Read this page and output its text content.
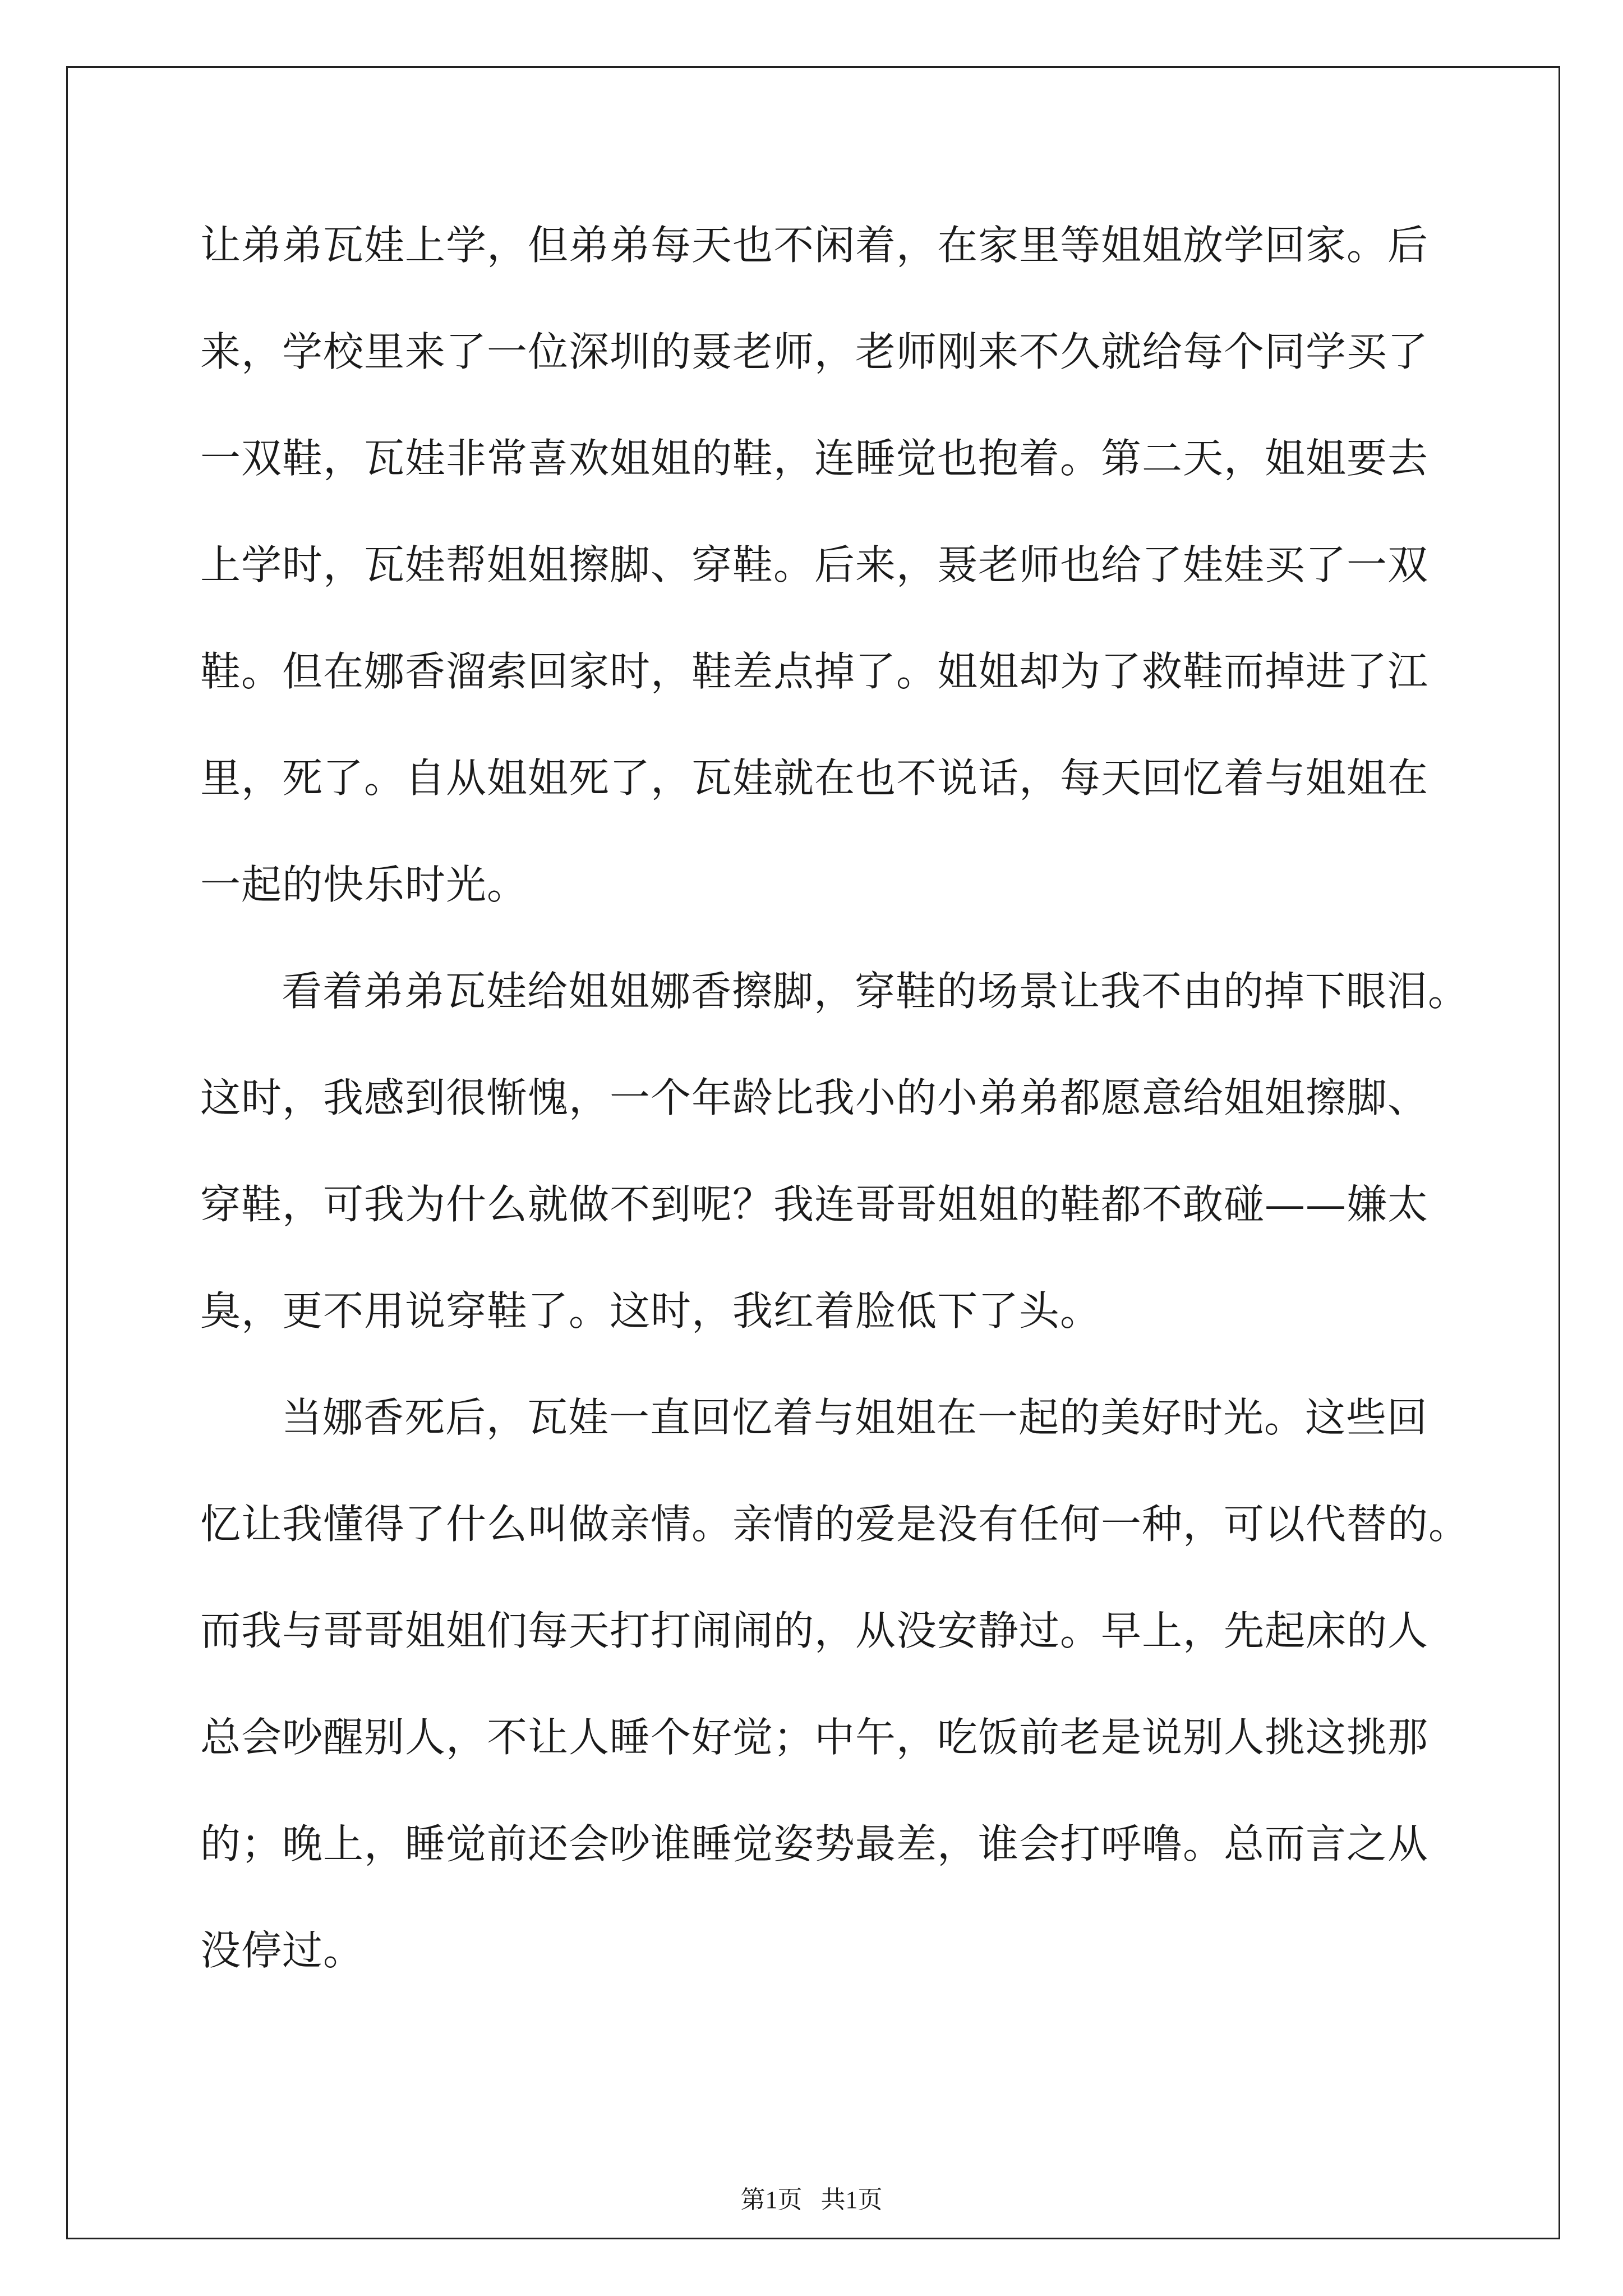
让弟弟瓦娃上学，但弟弟每天也不闲着，在家里等姐姐放学回家。后
来，学校里来了一位深圳的聂老师，老师刚来不久就给每个同学买了
一双鞋，瓦娃非常喜欢姐姐的鞋，连睡觉也抱着。第二天，姐姐要去
上学时，瓦娃帮姐姐擦脚、穿鞋。后来，聂老师也给了娃娃买了一双
鞋。但在娜香溜索回家时，鞋差点掉了。姐姐却为了救鞋而掉进了江
里，死了。自从姐姐死了，瓦娃就在也不说话，每天回忆着与姐姐在
一起的快乐时光。
看着弟弟瓦娃给姐姐娜香擦脚，穿鞋的场景让我不由的掉下眼泪。
这时，我感到很惭愧，一个年龄比我小的小弟弟都愿意给姐姐擦脚、
穿鞋，可我为什么就做不到呢？我连哥哥姐姐的鞋都不敢碰——嫌太
臭，更不用说穿鞋了。这时，我红着脸低下了头。
当娜香死后，瓦娃一直回忆着与姐姐在一起的美好时光。这些回
忆让我懂得了什么叫做亲情。亲情的爱是没有任何一种，可以代替的。
而我与哥哥姐姐们每天打打闹闹的，从没安静过。早上，先起床的人
总会吵醒别人，不让人睡个好觉；中午，吃饭前老是说别人挑这挑那
的；晚上，睡觉前还会吵谁睡觉姿势最差，谁会打呼噜。总而言之从
没停过。
第1页   共1页
